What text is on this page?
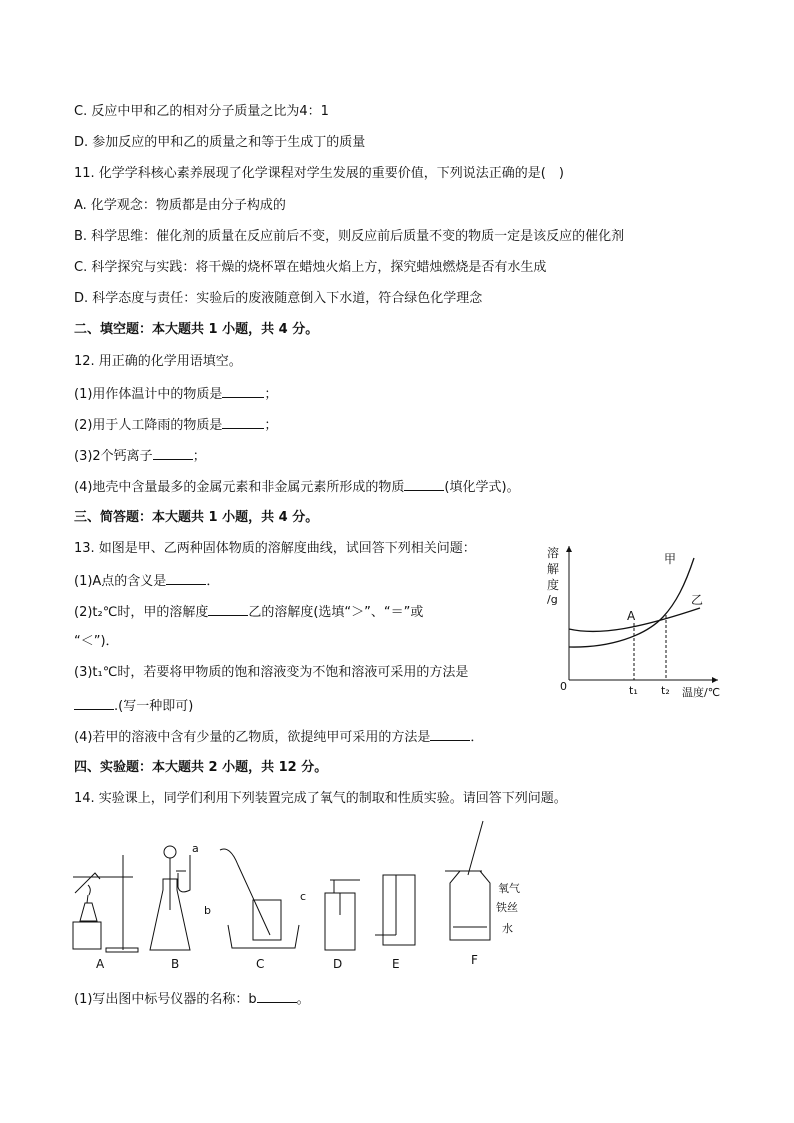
C. 反应中甲和乙的相对分子质量之比为4：1
D. 参加反应的甲和乙的质量之和等于生成丁的质量
11. 化学学科核心素养展现了化学课程对学生发展的重要价值，下列说法正确的是(　)
A. 化学观念：物质都是由分子构成的
B. 科学思维：催化剂的质量在反应前后不变，则反应前后质量不变的物质一定是该反应的催化剂
C. 科学探究与实践：将干燥的烧杯罩在蜡烛火焰上方，探究蜡烛燃烧是否有水生成
D. 科学态度与责任：实验后的废液随意倒入下水道，符合绿色化学理念
二、填空题：本大题共 1 小题，共 4 分。
12. 用正确的化学用语填空。
(1)用作体温计中的物质是	；
(2)用于人工降雨的物质是	；
(3)2个钙离子	；
(4)地壳中含量最多的金属元素和非金属元素所形成的物质	(填化学式)。
三、简答题：本大题共 1 小题，共 4 分。
13. 如图是甲、乙两种固体物质的溶解度曲线，试回答下列相关问题：
(1)A点的含义是	．
(2)t₂℃时，甲的溶解度	乙的溶解度(选填“＞”、“＝”或
“＜”)．
(3)t₁℃时，若要将甲物质的饱和溶液变为不饱和溶液可采用的方法是
.(写一种即可)
(4)若甲的溶液中含有少量的乙物质，欲提纯甲可采用的方法是	．
溶
解
度
/g
0	温度/℃
t₁ t₂
A
甲
乙
四、实验题：本大题共 2 小题，共 12 分。
14. 实验课上，同学们利用下列装置完成了氧气的制取和性质实验。请回答下列问题。
A
a
b
B
c
C	D	E
氧气
铁丝
水
F
(1)写出图中标号仪器的名称：b	。
